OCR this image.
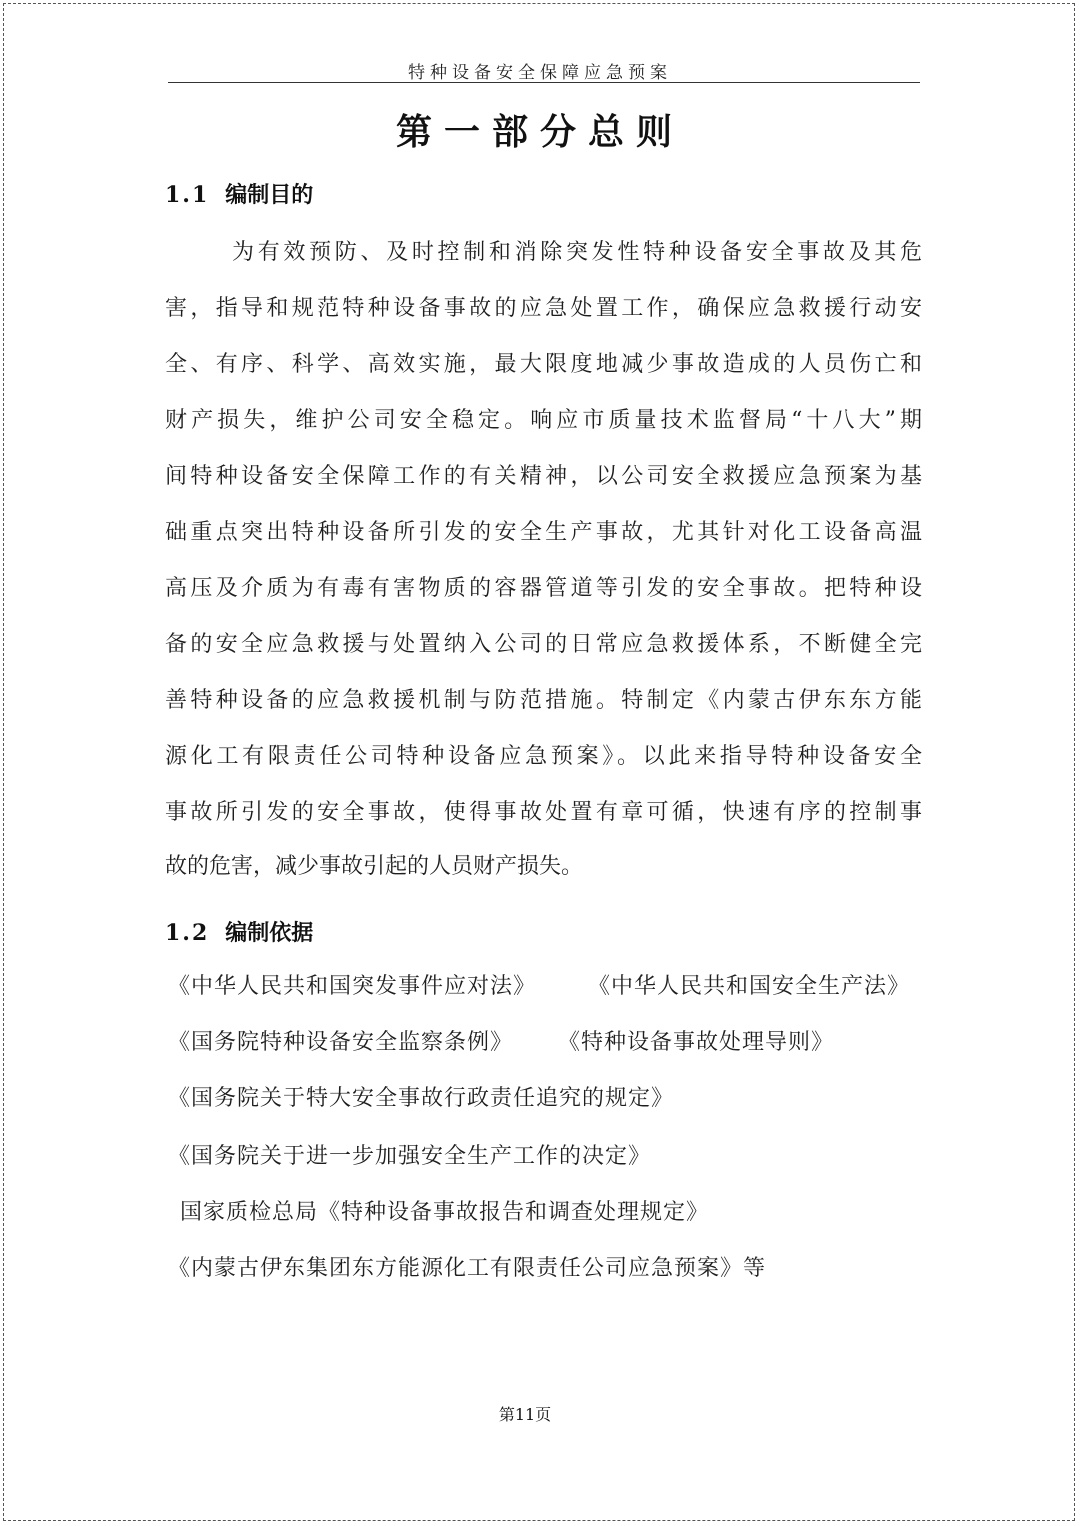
特种设备安全保障应急预案
第一部分总则
1.1 编制目的
为有效预防、及时控制和消除突发性特种设备安全事故及其危
害，指导和规范特种设备事故的应急处置工作，确保应急救援行动安
全、有序、科学、高效实施，最大限度地减少事故造成的人员伤亡和
财产损失，维护公司安全稳定。响应市质量技术监督局“十八大”期
间特种设备安全保障工作的有关精神，以公司安全救援应急预案为基
础重点突出特种设备所引发的安全生产事故，尤其针对化工设备高温
高压及介质为有毒有害物质的容器管道等引发的安全事故。把特种设
备的安全应急救援与处置纳入公司的日常应急救援体系，不断健全完
善特种设备的应急救援机制与防范措施。特制定《内蒙古伊东东方能
源化工有限责任公司特种设备应急预案》。以此来指导特种设备安全
事故所引发的安全事故，使得事故处置有章可循，快速有序的控制事
故的危害，减少事故引起的人员财产损失。
1.2 编制依据
《中华人民共和国突发事件应对法》 《中华人民共和国安全生产法》
《国务院特种设备安全监察条例》 《特种设备事故处理导则》
《国务院关于特大安全事故行政责任追究的规定》
《国务院关于进一步加强安全生产工作的决定》
国家质检总局《特种设备事故报告和调查处理规定》
《内蒙古伊东集团东方能源化工有限责任公司应急预案》等
第11页
